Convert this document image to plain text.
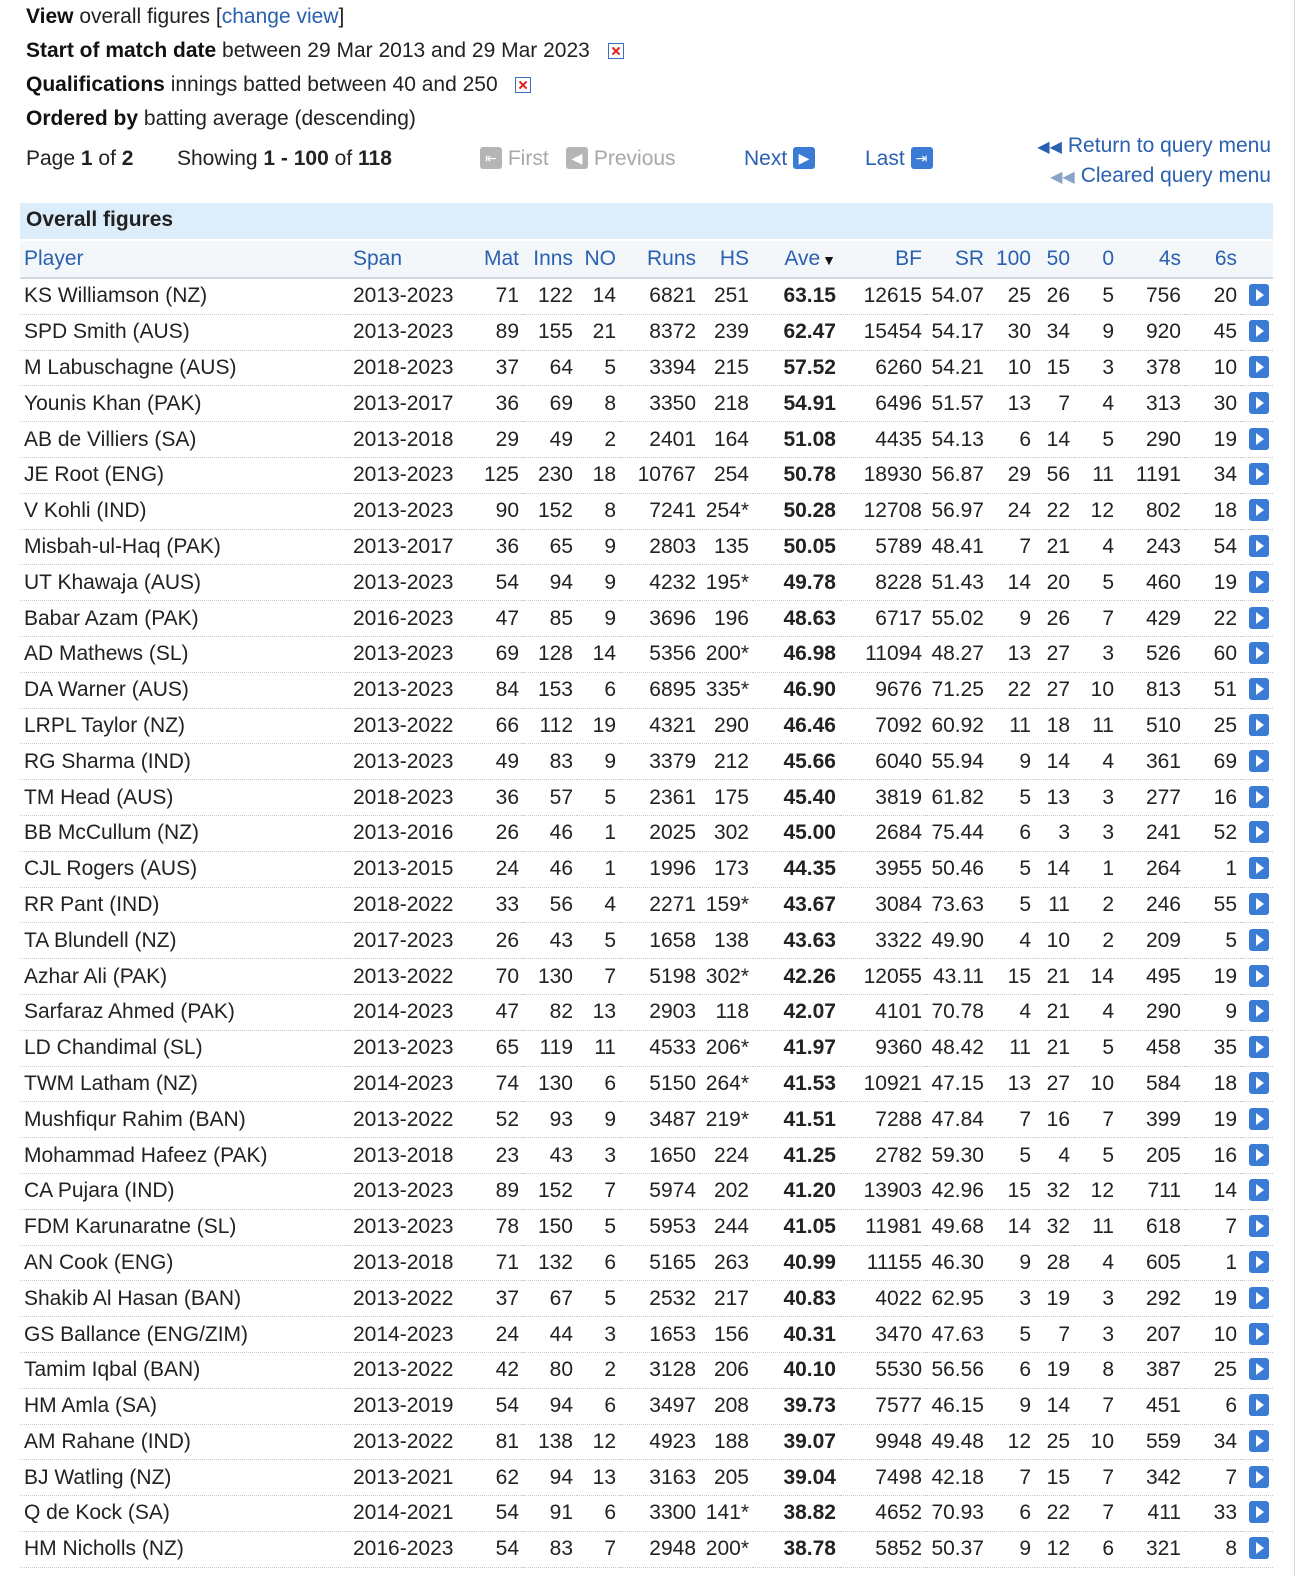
View overall figures [change view]
Start of match date between 29 Mar 2013 and 29 Mar 2023
Qualifications innings batted between 40 and 250
Ordered by batting average (descending)
Page 1 of 2 Showing 1 - 100 of 118	⇤ First	◀ Previous	Next ▶	Last ⇥
◀◀ Return to query menu
◀◀ Cleared query menu
Overall figures
Player	Span	Mat	Inns	NO	Runs	HS	Ave ▼	BF	SR	100	50	0	4s	6s	
KS Williamson (NZ)	2013-2023	71	122	14	6821	251	63.15	12615	54.07	25	26	5	756	20	
SPD Smith (AUS)	2013-2023	89	155	21	8372	239	62.47	15454	54.17	30	34	9	920	45	
M Labuschagne (AUS)	2018-2023	37	64	5	3394	215	57.52	6260	54.21	10	15	3	378	10	
Younis Khan (PAK)	2013-2017	36	69	8	3350	218	54.91	6496	51.57	13	7	4	313	30	
AB de Villiers (SA)	2013-2018	29	49	2	2401	164	51.08	4435	54.13	6	14	5	290	19	
JE Root (ENG)	2013-2023	125	230	18	10767	254	50.78	18930	56.87	29	56	11	1191	34	
V Kohli (IND)	2013-2023	90	152	8	7241	254*	50.28	12708	56.97	24	22	12	802	18	
Misbah-ul-Haq (PAK)	2013-2017	36	65	9	2803	135	50.05	5789	48.41	7	21	4	243	54	
UT Khawaja (AUS)	2013-2023	54	94	9	4232	195*	49.78	8228	51.43	14	20	5	460	19	
Babar Azam (PAK)	2016-2023	47	85	9	3696	196	48.63	6717	55.02	9	26	7	429	22	
AD Mathews (SL)	2013-2023	69	128	14	5356	200*	46.98	11094	48.27	13	27	3	526	60	
DA Warner (AUS)	2013-2023	84	153	6	6895	335*	46.90	9676	71.25	22	27	10	813	51	
LRPL Taylor (NZ)	2013-2022	66	112	19	4321	290	46.46	7092	60.92	11	18	11	510	25	
RG Sharma (IND)	2013-2023	49	83	9	3379	212	45.66	6040	55.94	9	14	4	361	69	
TM Head (AUS)	2018-2023	36	57	5	2361	175	45.40	3819	61.82	5	13	3	277	16	
BB McCullum (NZ)	2013-2016	26	46	1	2025	302	45.00	2684	75.44	6	3	3	241	52	
CJL Rogers (AUS)	2013-2015	24	46	1	1996	173	44.35	3955	50.46	5	14	1	264	1	
RR Pant (IND)	2018-2022	33	56	4	2271	159*	43.67	3084	73.63	5	11	2	246	55	
TA Blundell (NZ)	2017-2023	26	43	5	1658	138	43.63	3322	49.90	4	10	2	209	5	
Azhar Ali (PAK)	2013-2022	70	130	7	5198	302*	42.26	12055	43.11	15	21	14	495	19	
Sarfaraz Ahmed (PAK)	2014-2023	47	82	13	2903	118	42.07	4101	70.78	4	21	4	290	9	
LD Chandimal (SL)	2013-2023	65	119	11	4533	206*	41.97	9360	48.42	11	21	5	458	35	
TWM Latham (NZ)	2014-2023	74	130	6	5150	264*	41.53	10921	47.15	13	27	10	584	18	
Mushfiqur Rahim (BAN)	2013-2022	52	93	9	3487	219*	41.51	7288	47.84	7	16	7	399	19	
Mohammad Hafeez (PAK)	2013-2018	23	43	3	1650	224	41.25	2782	59.30	5	4	5	205	16	
CA Pujara (IND)	2013-2023	89	152	7	5974	202	41.20	13903	42.96	15	32	12	711	14	
FDM Karunaratne (SL)	2013-2023	78	150	5	5953	244	41.05	11981	49.68	14	32	11	618	7	
AN Cook (ENG)	2013-2018	71	132	6	5165	263	40.99	11155	46.30	9	28	4	605	1	
Shakib Al Hasan (BAN)	2013-2022	37	67	5	2532	217	40.83	4022	62.95	3	19	3	292	19	
GS Ballance (ENG/ZIM)	2014-2023	24	44	3	1653	156	40.31	3470	47.63	5	7	3	207	10	
Tamim Iqbal (BAN)	2013-2022	42	80	2	3128	206	40.10	5530	56.56	6	19	8	387	25	
HM Amla (SA)	2013-2019	54	94	6	3497	208	39.73	7577	46.15	9	14	7	451	6	
AM Rahane (IND)	2013-2022	81	138	12	4923	188	39.07	9948	49.48	12	25	10	559	34	
BJ Watling (NZ)	2013-2021	62	94	13	3163	205	39.04	7498	42.18	7	15	7	342	7	
Q de Kock (SA)	2014-2021	54	91	6	3300	141*	38.82	4652	70.93	6	22	7	411	33	
HM Nicholls (NZ)	2016-2023	54	83	7	2948	200*	38.78	5852	50.37	9	12	6	321	8	
